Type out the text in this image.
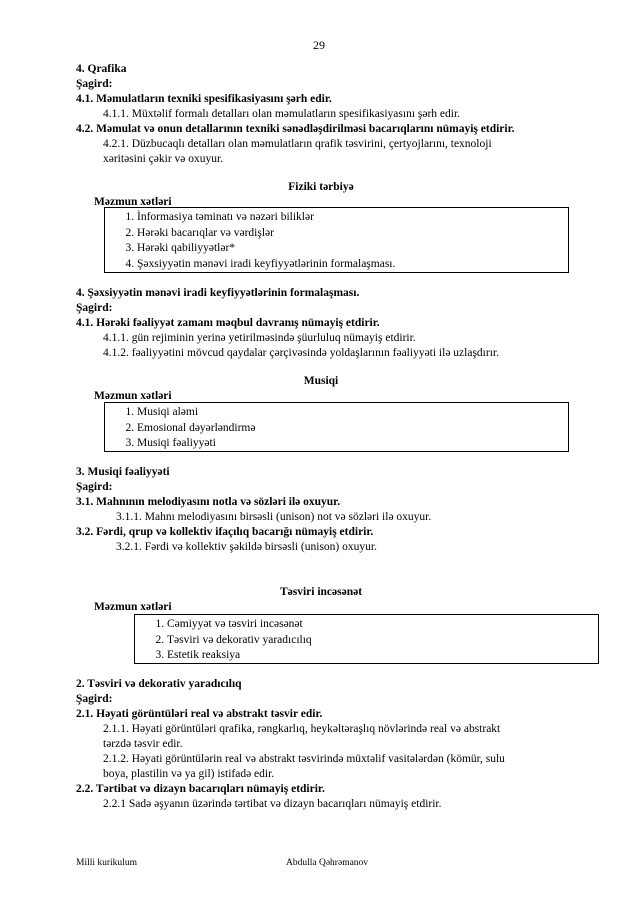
29
4. Qrafika
Şagird:
4.1. Məmulatların texniki spesifikasiyasını şərh edir.
4.1.1. Müxtəlif formalı detalları olan məmulatların spesifikasiyasını şərh edir.
4.2. Məmulat və onun detallarının texniki sənədləşdirilməsi bacarıqlarını nümayiş etdirir.
4.2.1. Düzbucaqlı detalları olan məmulatların qrafik təsvirini, çertyojlarını, texnoloji
xəritəsini çəkir və oxuyur.
Fiziki tərbiyə
Məzmun xətləri
1. İnformasiya təminatı və nəzəri biliklər
2. Hərəki bacarıqlar və vərdişlər
3. Hərəki qabiliyyətlər*
4. Şəxsiyyətin mənəvi iradi keyfiyyətlərinin formalaşması.
4. Şəxsiyyətin mənəvi iradi keyfiyyətlərinin formalaşması.
Şagird:
4.1. Hərəki fəaliyyət zamanı məqbul davranış nümayiş etdirir.
4.1.1. gün rejiminin yerinə yetirilməsində şüurluluq nümayiş etdirir.
4.1.2. fəaliyyətini mövcud qaydalar çərçivəsində yoldaşlarının fəaliyyəti ilə uzlaşdırır.
Musiqi
Məzmun xətləri
1. Musiqi aləmi
2. Emosional dəyərləndirmə
3. Musiqi fəaliyyəti
3. Musiqi fəaliyyəti
Şagird:
3.1. Mahnının melodiyasını notla və sözləri ilə oxuyur.
3.1.1. Mahnı melodiyasını birsəsli (unison) not və sözləri ilə oxuyur.
3.2. Fərdi, qrup və kollektiv ifaçılıq bacarığı nümayiş etdirir.
3.2.1. Fərdi və kollektiv şəkildə birsəsli (unison) oxuyur.
Təsviri incəsənət
Məzmun xətləri
1. Cəmiyyət və təsviri incəsənət
2. Təsviri və dekorativ yaradıcılıq
3. Estetik reaksiya
2. Təsviri və dekorativ yaradıcılıq
Şagird:
2.1. Həyati görüntüləri real və abstrakt təsvir edir.
2.1.1. Həyati görüntüləri qrafika, rəngkarlıq, heykəltəraşlıq növlərində real və abstrakt
tərzdə təsvir edir.
2.1.2. Həyati görüntülərin real və abstrakt təsvirində müxtəlif vasitələrdən (kömür, sulu
boya, plastilin və ya gil) istifadə edir.
2.2. Tərtibat və dizayn bacarıqları nümayiş etdirir.
2.2.1 Sadə əşyanın üzərində tərtibat və dizayn bacarıqları nümayiş etdirir.
Milli kurikulum	Abdulla Qəhrəmanov
